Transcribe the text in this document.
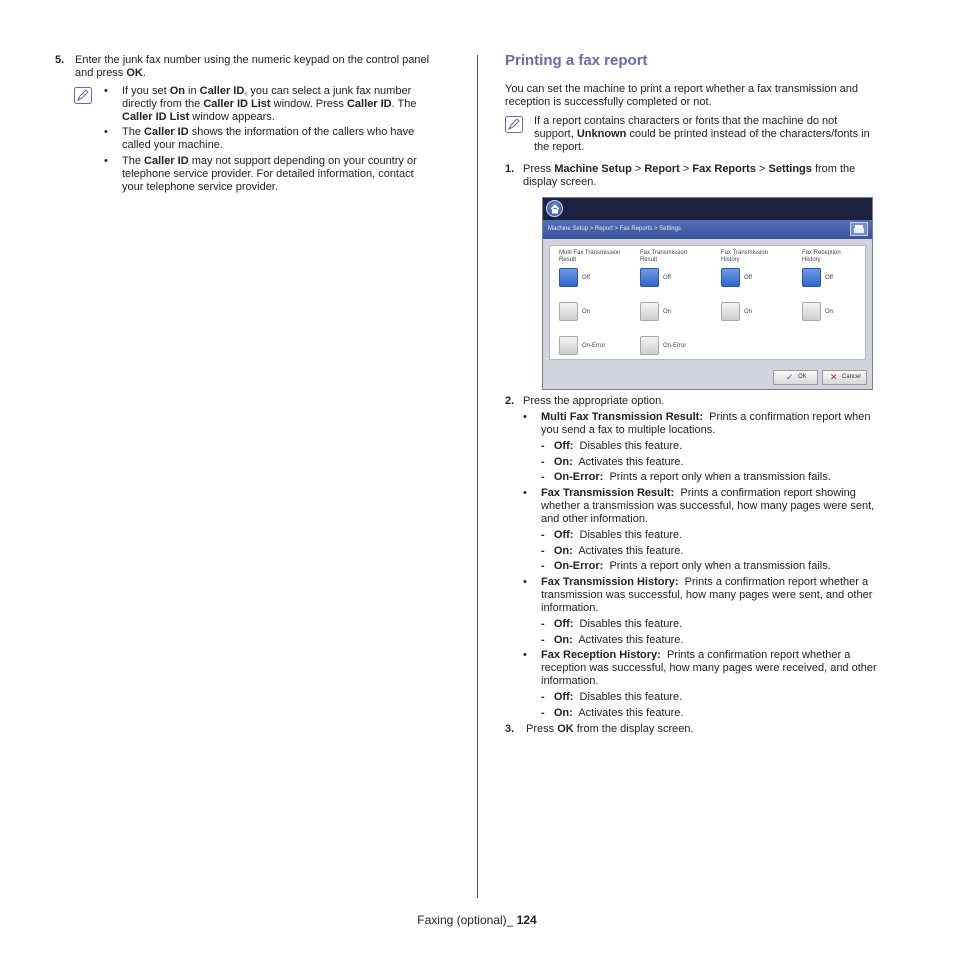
5. Enter the junk fax number using the numeric keypad on the control panel
and press OK.
• If you set On in Caller ID, you can select a junk fax number
directly from the Caller ID List window. Press Caller ID. The
Caller ID List window appears.
• The Caller ID shows the information of the callers who have
called your machine.
• The Caller ID may not support depending on your country or
telephone service provider. For detailed information, contact
your telephone service provider.
Printing a fax report
You can set the machine to print a report whether a fax transmission and
reception is successfully completed or not.
If a report contains characters or fonts that the machine do not
support, Unknown could be printed instead of the characters/fonts in
the report.
1. Press Machine Setup > Report > Fax Reports > Settings from the
display screen.
Machine Setup > Report > Fax Reports > Settings
Multi Fax Transmission
Result
Off
On
On-Error
Fax Transmission
Result
Off
On
On-Error
Fax Transmission
History
Off
On
Fax Reception
History
Off
On
✓ OK	✕ Cancel
2. Press the appropriate option.
• Multi Fax Transmission Result: Prints a confirmation report when
you send a fax to multiple locations.
- Off: Disables this feature.
- On: Activates this feature.
- On-Error: Prints a report only when a transmission fails.
• Fax Transmission Result: Prints a confirmation report showing
whether a transmission was successful, how many pages were sent,
and other information.
- Off: Disables this feature.
- On: Activates this feature.
- On-Error: Prints a report only when a transmission fails.
• Fax Transmission History: Prints a confirmation report whether a
transmission was successful, how many pages were sent, and other
information.
- Off: Disables this feature.
- On: Activates this feature.
• Fax Reception History: Prints a confirmation report whether a
reception was successful, how many pages were received, and other
information.
- Off: Disables this feature.
- On: Activates this feature.
3. Press OK from the display screen.
Faxing (optional)_ 124
